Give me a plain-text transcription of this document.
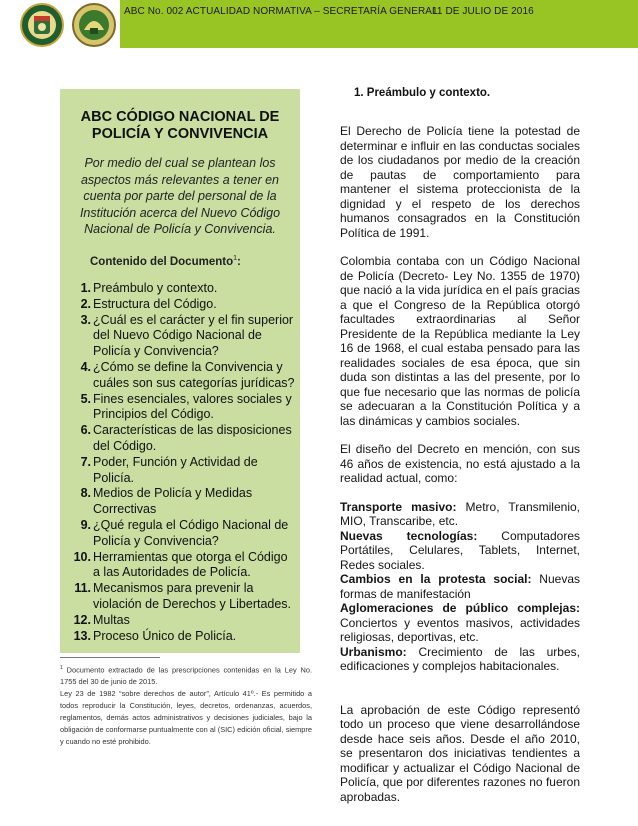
ABC No. 002 ACTUALIDAD NORMATIVA – SECRETARÍA GENERAL
11 DE JULIO DE 2016
ABC CÓDIGO NACIONAL DE POLICÍA Y CONVIVENCIA
Por medio del cual se plantean los aspectos más relevantes a tener en cuenta por parte del personal de la Institución acerca del Nuevo Código Nacional de Policía y Convivencia.
Contenido del Documento$^1$:
1. Preámbulo y contexto.
2. Estructura del Código.
3. ¿Cuál es el carácter y el fin superior del Nuevo Código Nacional de Policía y Convivencia?
4. ¿Cómo se define la Convivencia y cuáles son sus categorías jurídicas?
5. Fines esenciales, valores sociales y Principios del Código.
6. Características de las disposiciones del Código.
7. Poder, Función y Actividad de Policía.
8. Medios de Policía y Medidas Correctivas
9. ¿Qué regula el Código Nacional de Policía y Convivencia?
10. Herramientas que otorga el Código a las Autoridades de Policía.
11. Mecanismos para prevenir la violación de Derechos y Libertades.
12. Multas
13. Proceso Único de Policía.

$^1$ Documento extractado de las prescripciones contenidas en la Ley No. 1755 del 30 de junio de 2015.

Ley 23 de 1982 “sobre derechos de autor”, Artículo 41º.- Es permitido a todos reproducir la Constitución, leyes, decretos, ordenanzas, acuerdos, reglamentos, demás actos administrativos y decisiones judiciales, bajo la obligación de conformarse puntualmente con al (SIC) edición oficial, siempre y cuando no esté prohibido.

1. Preámbulo y contexto.

El Derecho de Policía tiene la potestad de determinar e influir en las conductas sociales de los ciudadanos por medio de la creación de pautas de comportamiento para mantener el sistema proteccionista de la dignidad y el respeto de los derechos humanos consagrados en la Constitución Política de 1991.

Colombia contaba con un Código Nacional de Policía (Decreto- Ley No. 1355 de 1970) que nació a la vida jurídica en el país gracias a que el Congreso de la República otorgó facultades extraordinarias al Señor Presidente de la República mediante la Ley 16 de 1968, el cual estaba pensado para las realidades sociales de esa época, que sin duda son distintas a las del presente, por lo que fue necesario que las normas de policía se adecuaran a la Constitución Política y a las dinámicas y cambios sociales.

El diseño del Decreto en mención, con sus 46 años de existencia, no está ajustado a la realidad actual, como:

Transporte masivo: Metro, Transmilenio, MIO, Transcaribe, etc.

Nuevas tecnologías: Computadores Portátiles, Celulares, Tablets, Internet, Redes sociales.

Cambios en la protesta social: Nuevas formas de manifestación

Aglomeraciones de público complejas: Conciertos y eventos masivos, actividades religiosas, deportivas, etc.

Urbanismo: Crecimiento de las urbes, edificaciones y complejos habitacionales.

La aprobación de este Código representó todo un proceso que viene desarrollándose desde hace seis años. Desde el año 2010, se presentaron dos iniciativas tendientes a modificar y actualizar el Código Nacional de Policía, que por diferentes razones no fueron aprobadas.
